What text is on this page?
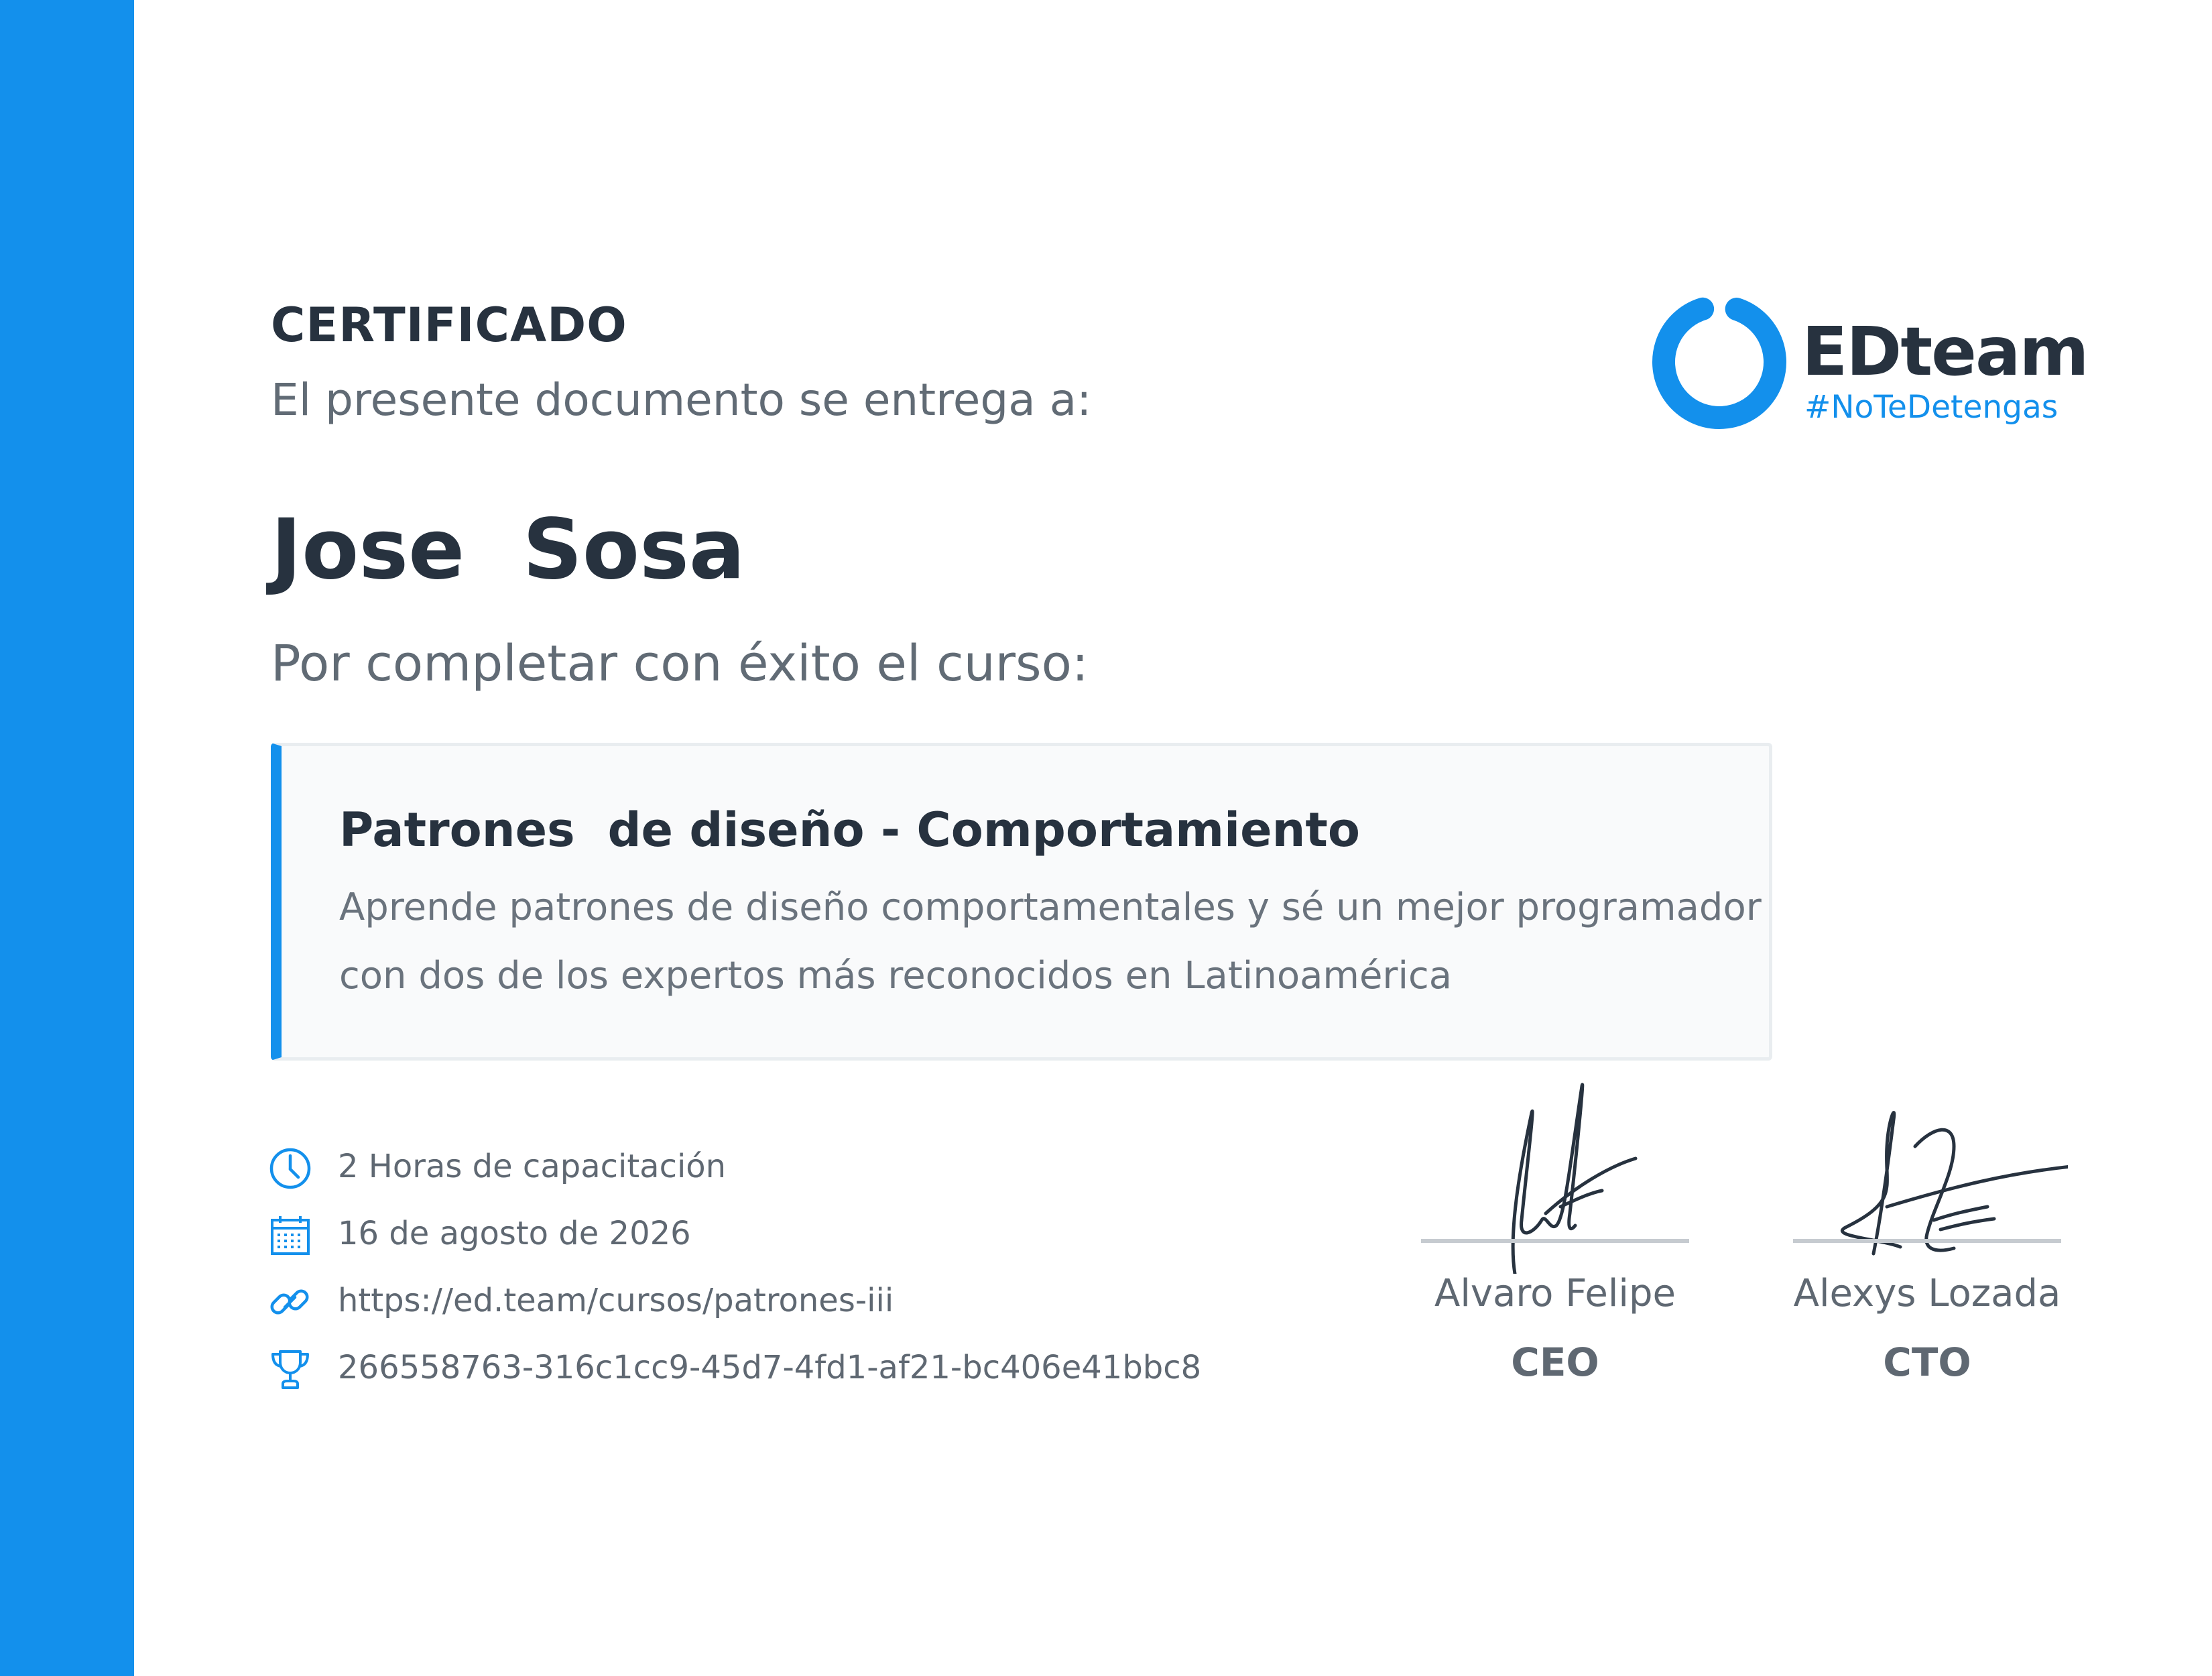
CERTIFICADO
El presente documento se entrega a:
Jose  Sosa
Por completar con éxito el curso:
Patrones  de diseño - Comportamiento
Aprende patrones de diseño comportamentales y sé un mejor programador con dos de los expertos más reconocidos en Latinoamérica
2 Horas de capacitación
16 de agosto de 2026
https://ed.team/cursos/patrones-iii
266558763-316c1cc9-45d7-4fd1-af21-bc406e41bbc8
EDteam
#NoTeDetengas
Alvaro Felipe
CEO
Alexys Lozada
CTO
